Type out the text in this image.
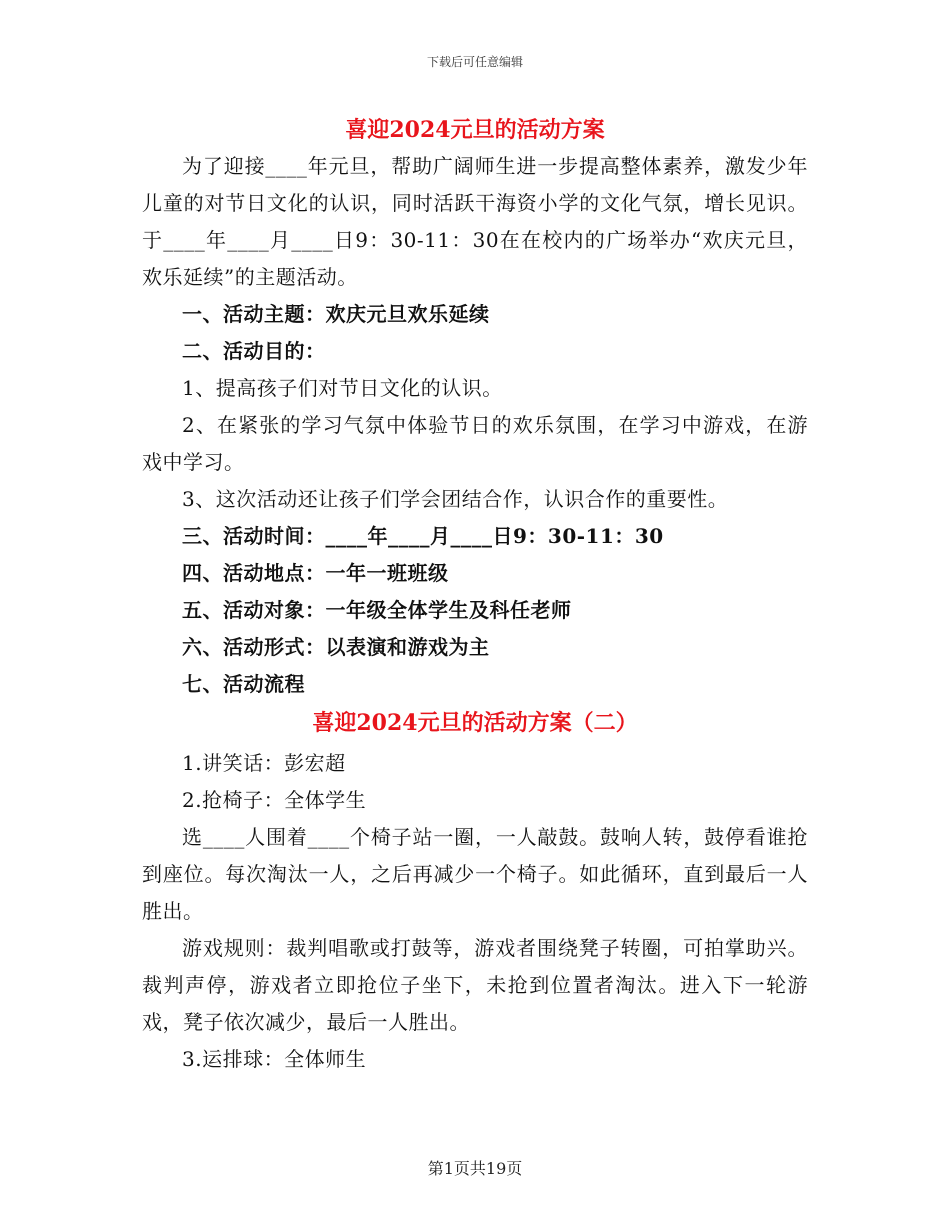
下载后可任意编辑
喜迎2024元旦的活动方案

为了迎接____年元旦，帮助广阔师生进一步提高整体素养，激发少年儿童的对节日文化的认识，同时活跃干海资小学的文化气氛，增长见识。于____年____月____日9：30-11：30在在校内的广场举办“欢庆元旦，欢乐延续”的主题活动。

一、活动主题：欢庆元旦欢乐延续

二、活动目的：

1、提高孩子们对节日文化的认识。

2、在紧张的学习气氛中体验节日的欢乐氛围，在学习中游戏，在游戏中学习。

3、这次活动还让孩子们学会团结合作，认识合作的重要性。

三、活动时间：____年____月____日9：30-11：30

四、活动地点：一年一班班级

五、活动对象：一年级全体学生及科任老师

六、活动形式：以表演和游戏为主

七、活动流程

喜迎2024元旦的活动方案（二）

1.讲笑话：彭宏超

2.抢椅子：全体学生

选____人围着____个椅子站一圈，一人敲鼓。鼓响人转，鼓停看谁抢到座位。每次淘汰一人，之后再减少一个椅子。如此循环，直到最后一人胜出。

游戏规则：裁判唱歌或打鼓等，游戏者围绕凳子转圈，可拍掌助兴。裁判声停，游戏者立即抢位子坐下，未抢到位置者淘汰。进入下一轮游戏，凳子依次减少，最后一人胜出。

3.运排球：全体师生

第1页共19页
